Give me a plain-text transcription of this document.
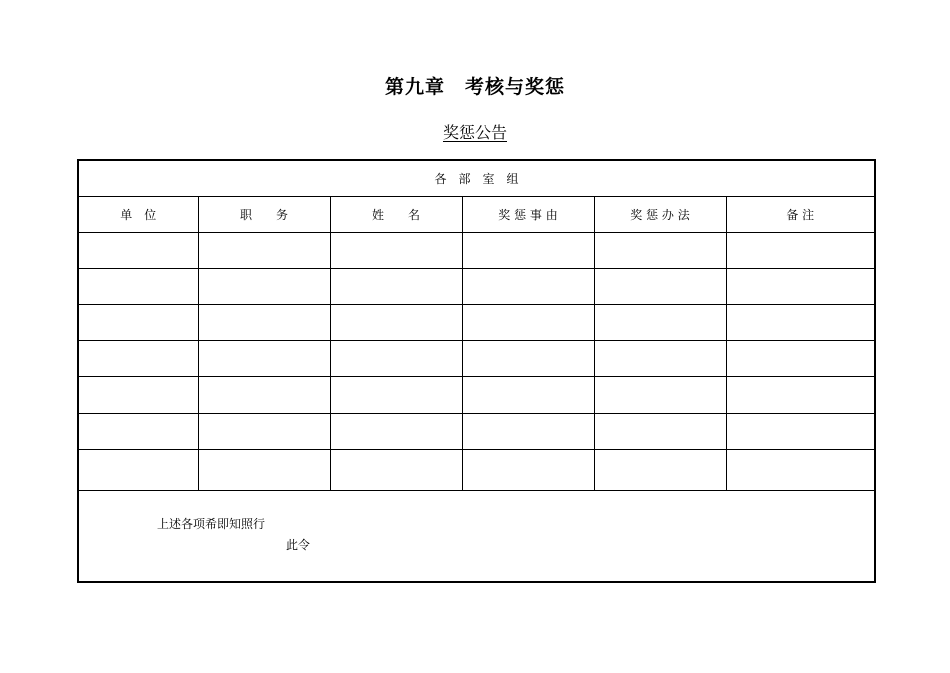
第九章　考核与奖惩
奖惩公告
各　部　室　组					
单　位	职　　务	姓　　名	奖 惩 事 由	奖 惩 办 法	备 注

上述各项希即知照行

此令					
